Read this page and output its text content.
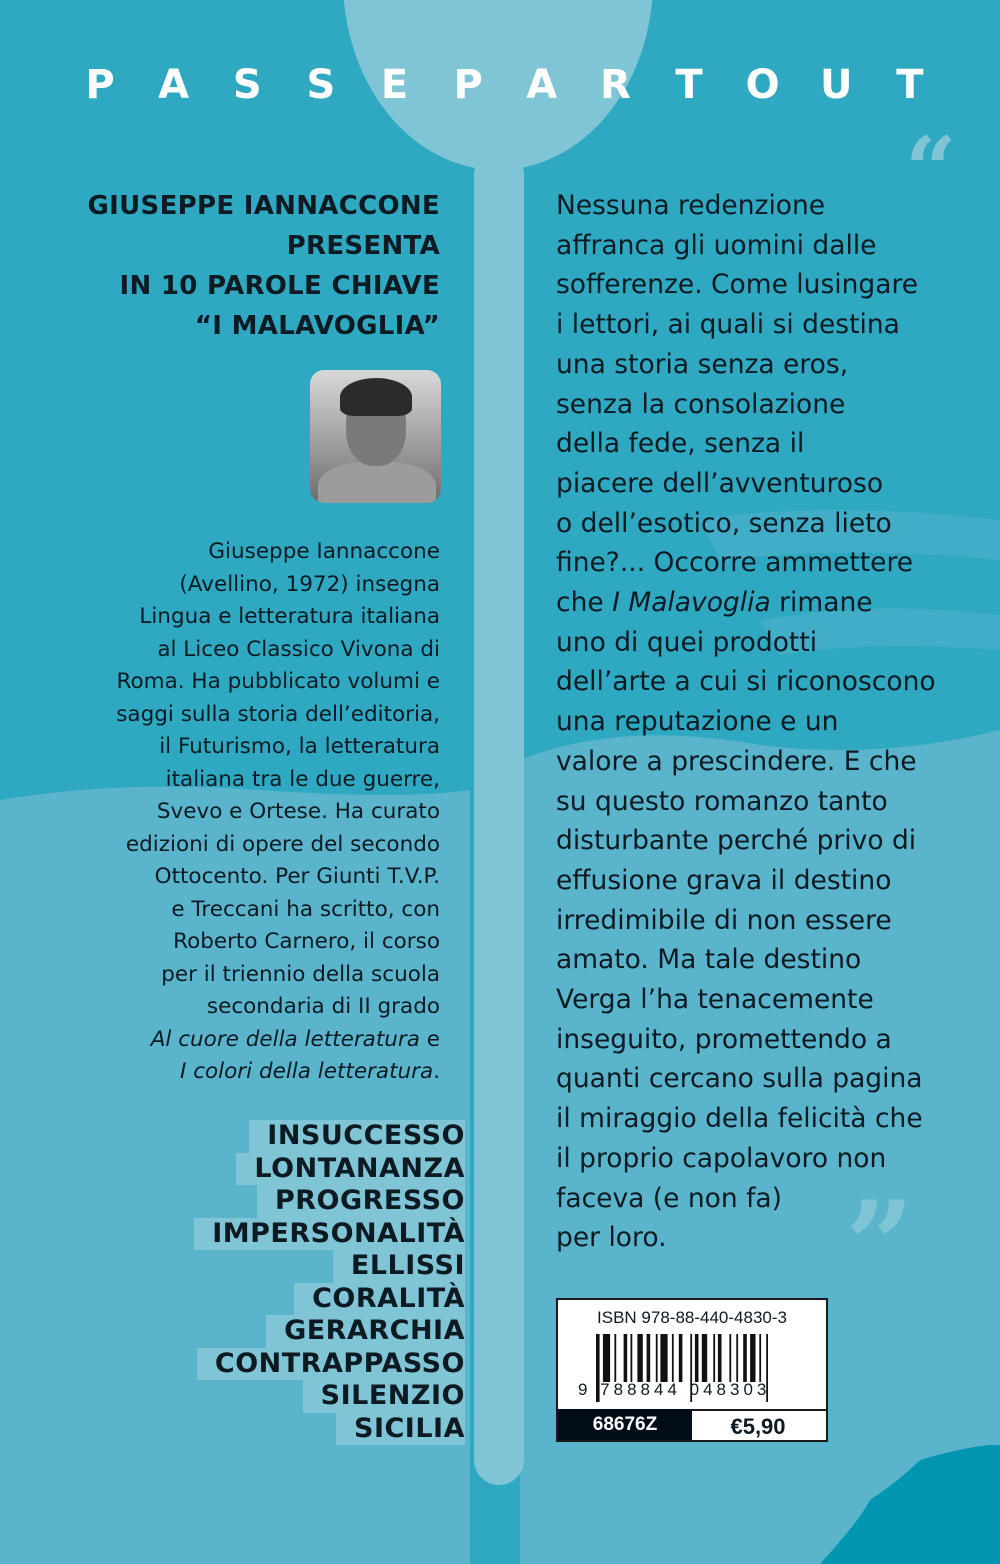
P A S S E P A R T O U T
GIUSEPPE IANNACCONE
PRESENTA
IN 10 PAROLE CHIAVE
“I MALAVOGLIA”
Giuseppe Iannaccone
(Avellino, 1972) insegna
Lingua e letteratura italiana
al Liceo Classico Vivona di
Roma. Ha pubblicato volumi e
saggi sulla storia dell’editoria,
il Futurismo, la letteratura
italiana tra le due guerre,
Svevo e Ortese. Ha curato
edizioni di opere del secondo
Ottocento. Per Giunti T.V.P.
e Treccani ha scritto, con
Roberto Carnero, il corso
per il triennio della scuola
secondaria di II grado
Al cuore della letteratura e
I colori della letteratura.
INSUCCESSO
LONTANANZA
PROGRESSO
IMPERSONALITÀ
ELLISSI
CORALITÀ
GERARCHIA
CONTRAPPASSO
SILENZIO
SICILIA
“
”
Nessuna redenzione
affranca gli uomini dalle
sofferenze. Come lusingare
i lettori, ai quali si destina
una storia senza eros,
senza la consolazione
della fede, senza il
piacere dell’avventuroso
o dell’esotico, senza lieto
fine?... Occorre ammettere
che I Malavoglia rimane
uno di quei prodotti
dell’arte a cui si riconoscono
una reputazione e un
valore a prescindere. E che
su questo romanzo tanto
disturbante perché privo di
effusione grava il destino
irredimibile di non essere
amato. Ma tale destino
Verga l’ha tenacemente
inseguito, promettendo a
quanti cercano sulla pagina
il miraggio della felicità che
il proprio capolavoro non
faceva (e non fa)
per loro.
ISBN 978-88-440-4830-3
9 788844 048303
68676Z	€5,90
